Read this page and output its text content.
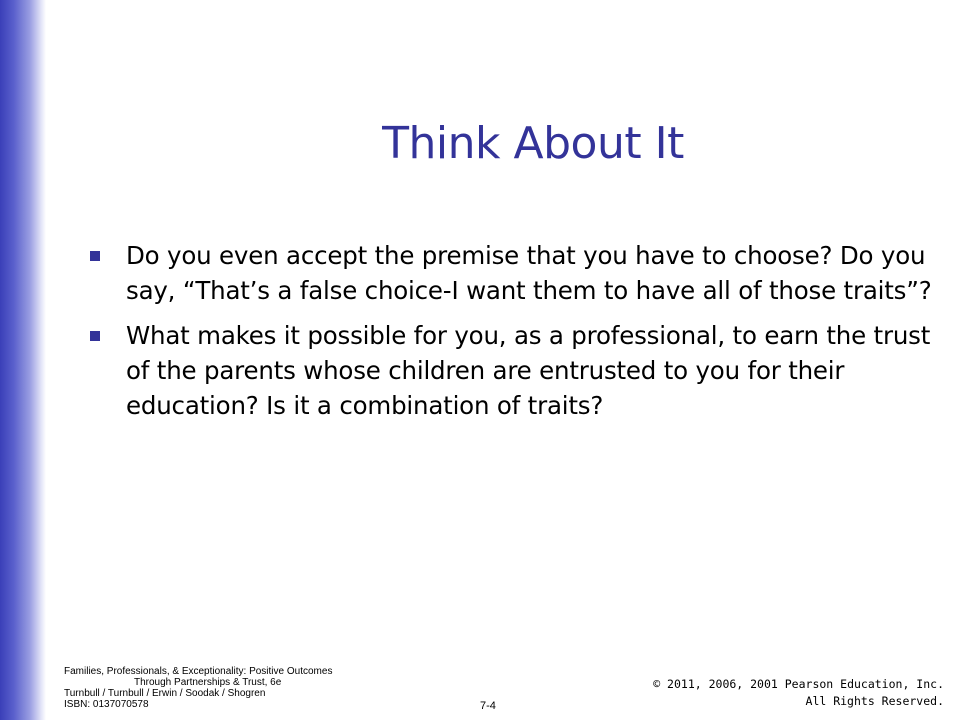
Think About It
Do you even accept the premise that you have to choose? Do you say, “That’s a false choice-I want them to have all of those traits”?
What makes it possible for you, as a professional, to earn the trust of the parents whose children are entrusted to you for their education? Is it a combination of traits?
Families, Professionals, & Exceptionality: Positive Outcomes
Through Partnerships & Trust, 6e
Turnbull / Turnbull / Erwin / Soodak / Shogren
ISBN: 0137070578	7-4
© 2011, 2006, 2001 Pearson Education, Inc.
All Rights Reserved.
